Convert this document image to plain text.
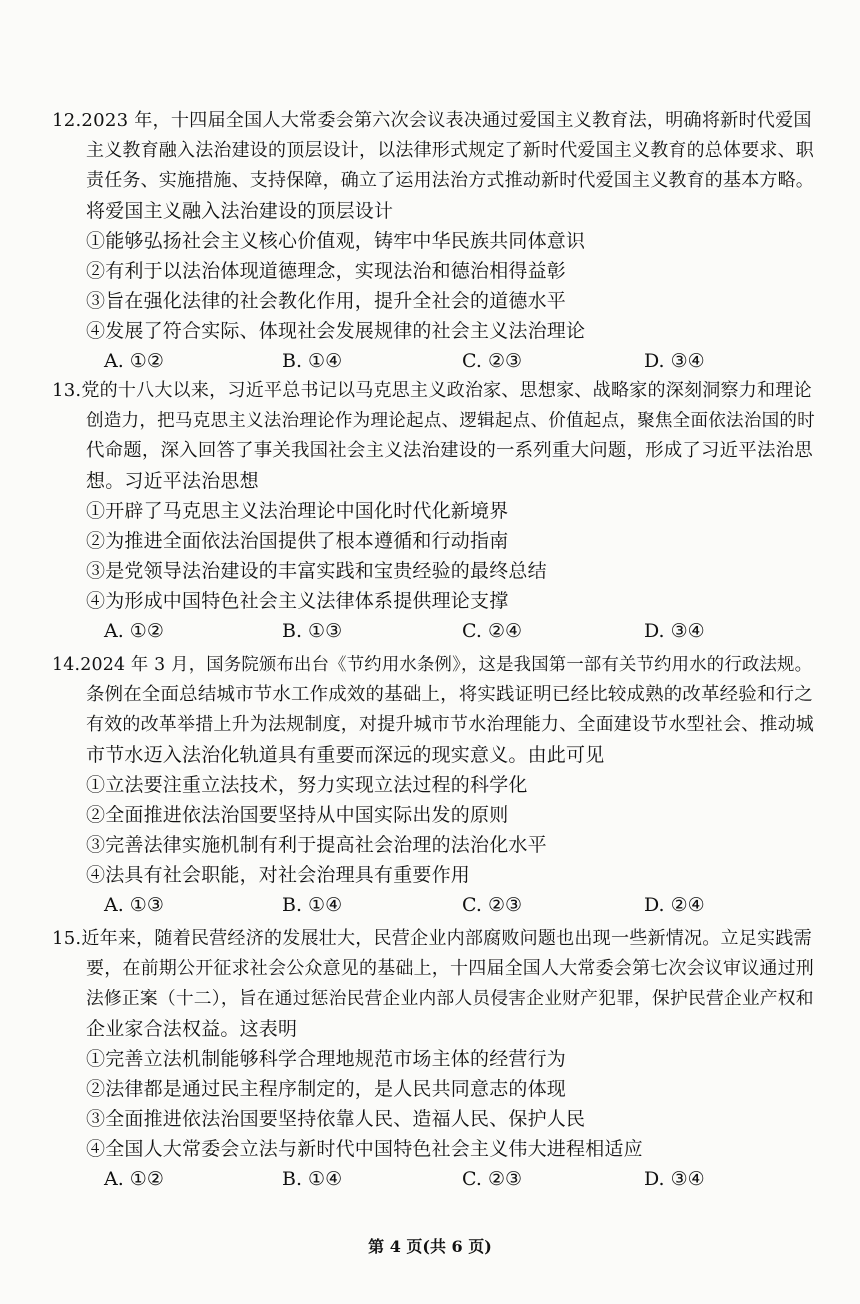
12.2023 年，十四届全国人大常委会第六次会议表决通过爱国主义教育法，明确将新时代爱国
主义教育融入法治建设的顶层设计，以法律形式规定了新时代爱国主义教育的总体要求、职
责任务、实施措施、支持保障，确立了运用法治方式推动新时代爱国主义教育的基本方略。
将爱国主义融入法治建设的顶层设计
①能够弘扬社会主义核心价值观，铸牢中华民族共同体意识
②有利于以法治体现道德理念，实现法治和德治相得益彰
③旨在强化法律的社会教化作用，提升全社会的道德水平
④发展了符合实际、体现社会发展规律的社会主义法治理论
A. ①②	B. ①④	C. ②③	D. ③④
13.党的十八大以来，习近平总书记以马克思主义政治家、思想家、战略家的深刻洞察力和理论
创造力，把马克思主义法治理论作为理论起点、逻辑起点、价值起点，聚焦全面依法治国的时
代命题，深入回答了事关我国社会主义法治建设的一系列重大问题，形成了习近平法治思
想。习近平法治思想
①开辟了马克思主义法治理论中国化时代化新境界
②为推进全面依法治国提供了根本遵循和行动指南
③是党领导法治建设的丰富实践和宝贵经验的最终总结
④为形成中国特色社会主义法律体系提供理论支撑
A. ①②	B. ①③	C. ②④	D. ③④
14.2024 年 3 月，国务院颁布出台《节约用水条例》，这是我国第一部有关节约用水的行政法规。
条例在全面总结城市节水工作成效的基础上，将实践证明已经比较成熟的改革经验和行之
有效的改革举措上升为法规制度，对提升城市节水治理能力、全面建设节水型社会、推动城
市节水迈入法治化轨道具有重要而深远的现实意义。由此可见
①立法要注重立法技术，努力实现立法过程的科学化
②全面推进依法治国要坚持从中国实际出发的原则
③完善法律实施机制有利于提高社会治理的法治化水平
④法具有社会职能，对社会治理具有重要作用
A. ①③	B. ①④	C. ②③	D. ②④
15.近年来，随着民营经济的发展壮大，民营企业内部腐败问题也出现一些新情况。立足实践需
要，在前期公开征求社会公众意见的基础上，十四届全国人大常委会第七次会议审议通过刑
法修正案（十二），旨在通过惩治民营企业内部人员侵害企业财产犯罪，保护民营企业产权和
企业家合法权益。这表明
①完善立法机制能够科学合理地规范市场主体的经营行为
②法律都是通过民主程序制定的，是人民共同意志的体现
③全面推进依法治国要坚持依靠人民、造福人民、保护人民
④全国人大常委会立法与新时代中国特色社会主义伟大进程相适应
A. ①②	B. ①④	C. ②③	D. ③④
第 4 页(共 6 页)
